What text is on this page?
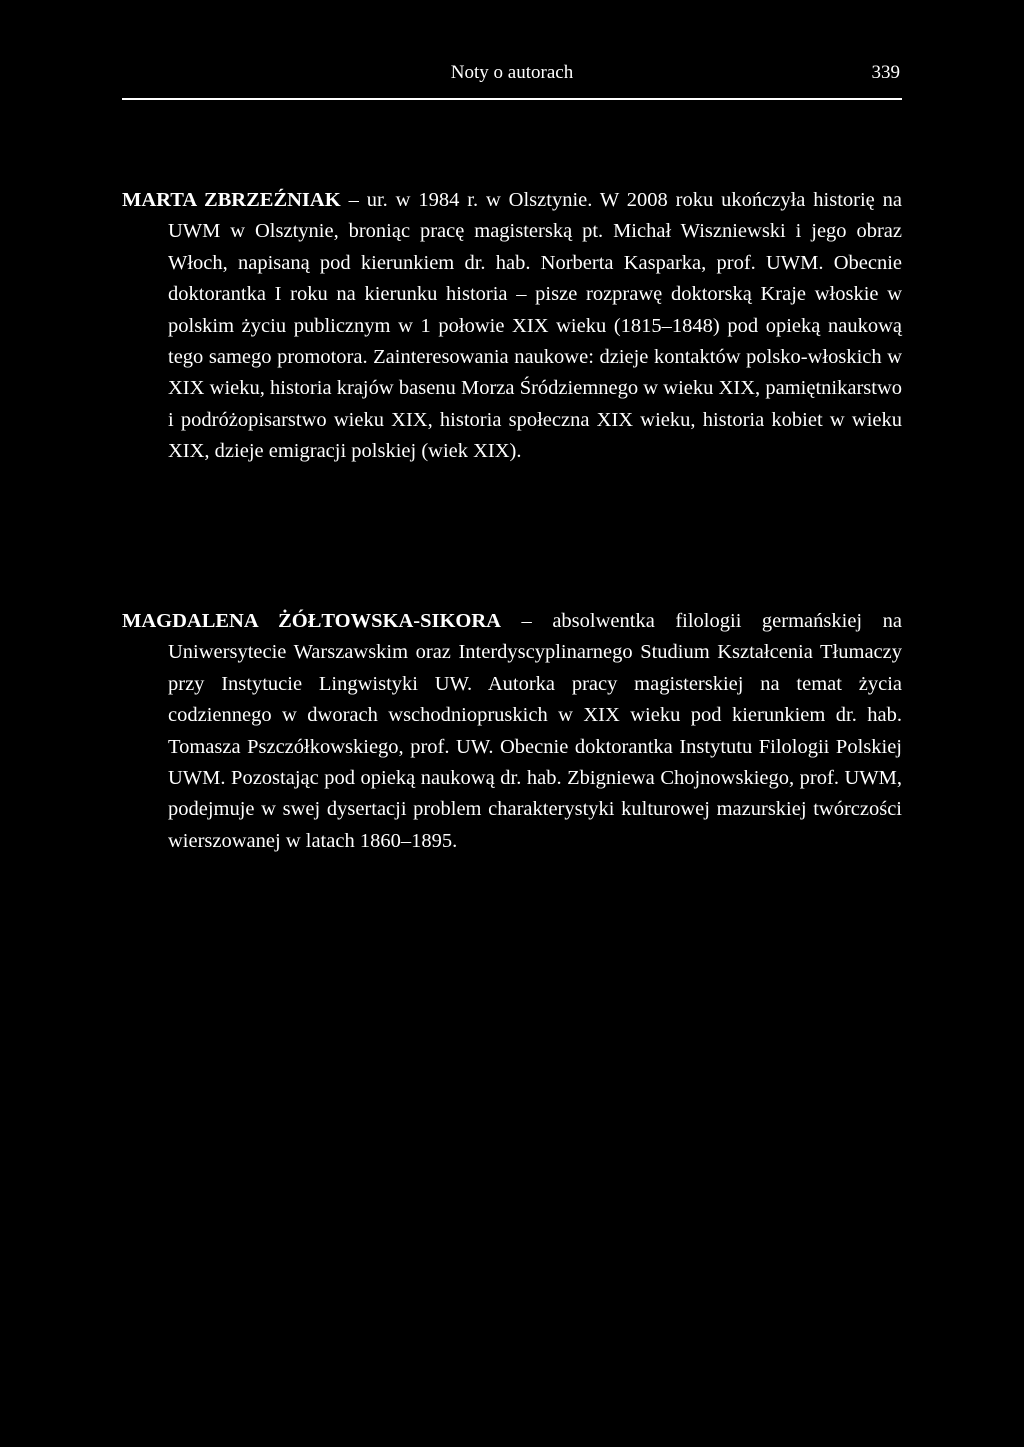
Noty o autorach	339

MARTA ZBRZEŹNIAK – ur. w 1984 r. w Olsztynie. W 2008 roku ukończyła historię na UWM w Olsztynie, broniąc pracę magisterską pt. Michał Wiszniewski i jego obraz Włoch, napisaną pod kierunkiem dr. hab. Norberta Kasparka, prof. UWM. Obecnie doktorantka I roku na kierunku historia – pisze rozprawę doktorską Kraje włoskie w polskim życiu publicznym w 1 połowie XIX wieku (1815–1848) pod opieką naukową tego samego promotora. Zainteresowania naukowe: dzieje kontaktów polsko-włoskich w XIX wieku, historia krajów basenu Morza Śródziemnego w wieku XIX, pamiętnikarstwo i podróżopisarstwo wieku XIX, historia społeczna XIX wieku, historia kobiet w wieku XIX, dzieje emigracji polskiej (wiek XIX).

MAGDALENA ŻÓŁTOWSKA-SIKORA – absolwentka filologii germańskiej na Uniwersytecie Warszawskim oraz Interdyscyplinarnego Studium Kształcenia Tłumaczy przy Instytucie Lingwistyki UW. Autorka pracy magisterskiej na temat życia codziennego w dworach wschodniopruskich w XIX wieku pod kierunkiem dr. hab. Tomasza Pszczółkowskiego, prof. UW. Obecnie doktorantka Instytutu Filologii Polskiej UWM. Pozostając pod opieką naukową dr. hab. Zbigniewa Chojnowskiego, prof. UWM, podejmuje w swej dysertacji problem charakterystyki kulturowej mazurskiej twórczości wierszowanej w latach 1860–1895.
